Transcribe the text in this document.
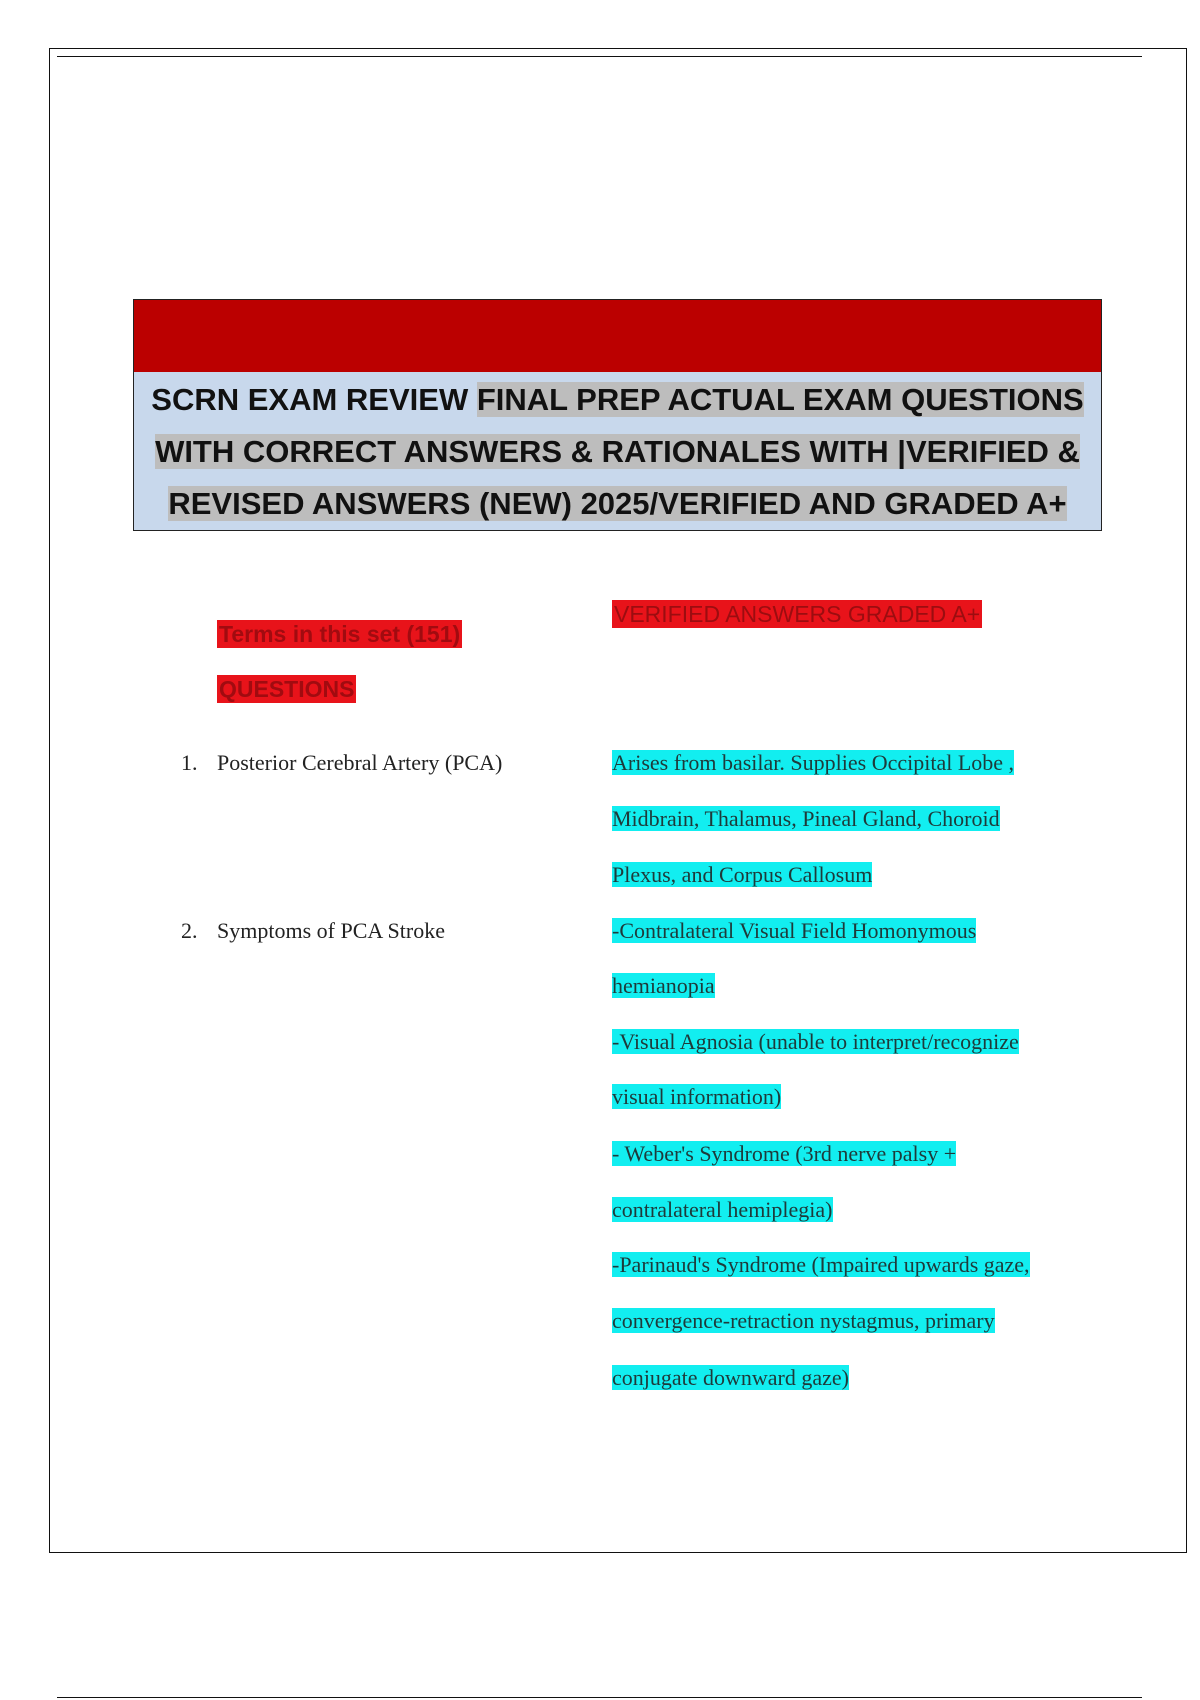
SCRN EXAM REVIEW FINAL PREP ACTUAL EXAM QUESTIONS
WITH CORRECT ANSWERS & RATIONALES WITH |VERIFIED &
REVISED ANSWERS (NEW) 2025/VERIFIED AND GRADED A+
Terms in this set (151)
QUESTIONS
VERIFIED ANSWERS GRADED A+
1. Posterior Cerebral Artery (PCA)	Arises from basilar. Supplies Occipital Lobe ,
Midbrain, Thalamus, Pineal Gland, Choroid
Plexus, and Corpus Callosum
2. Symptoms of PCA Stroke	-Contralateral Visual Field Homonymous
hemianopia
-Visual Agnosia (unable to interpret/recognize
visual information)
- Weber's Syndrome (3rd nerve palsy +
contralateral hemiplegia)
-Parinaud's Syndrome (Impaired upwards gaze,
convergence-retraction nystagmus, primary
conjugate downward gaze)
